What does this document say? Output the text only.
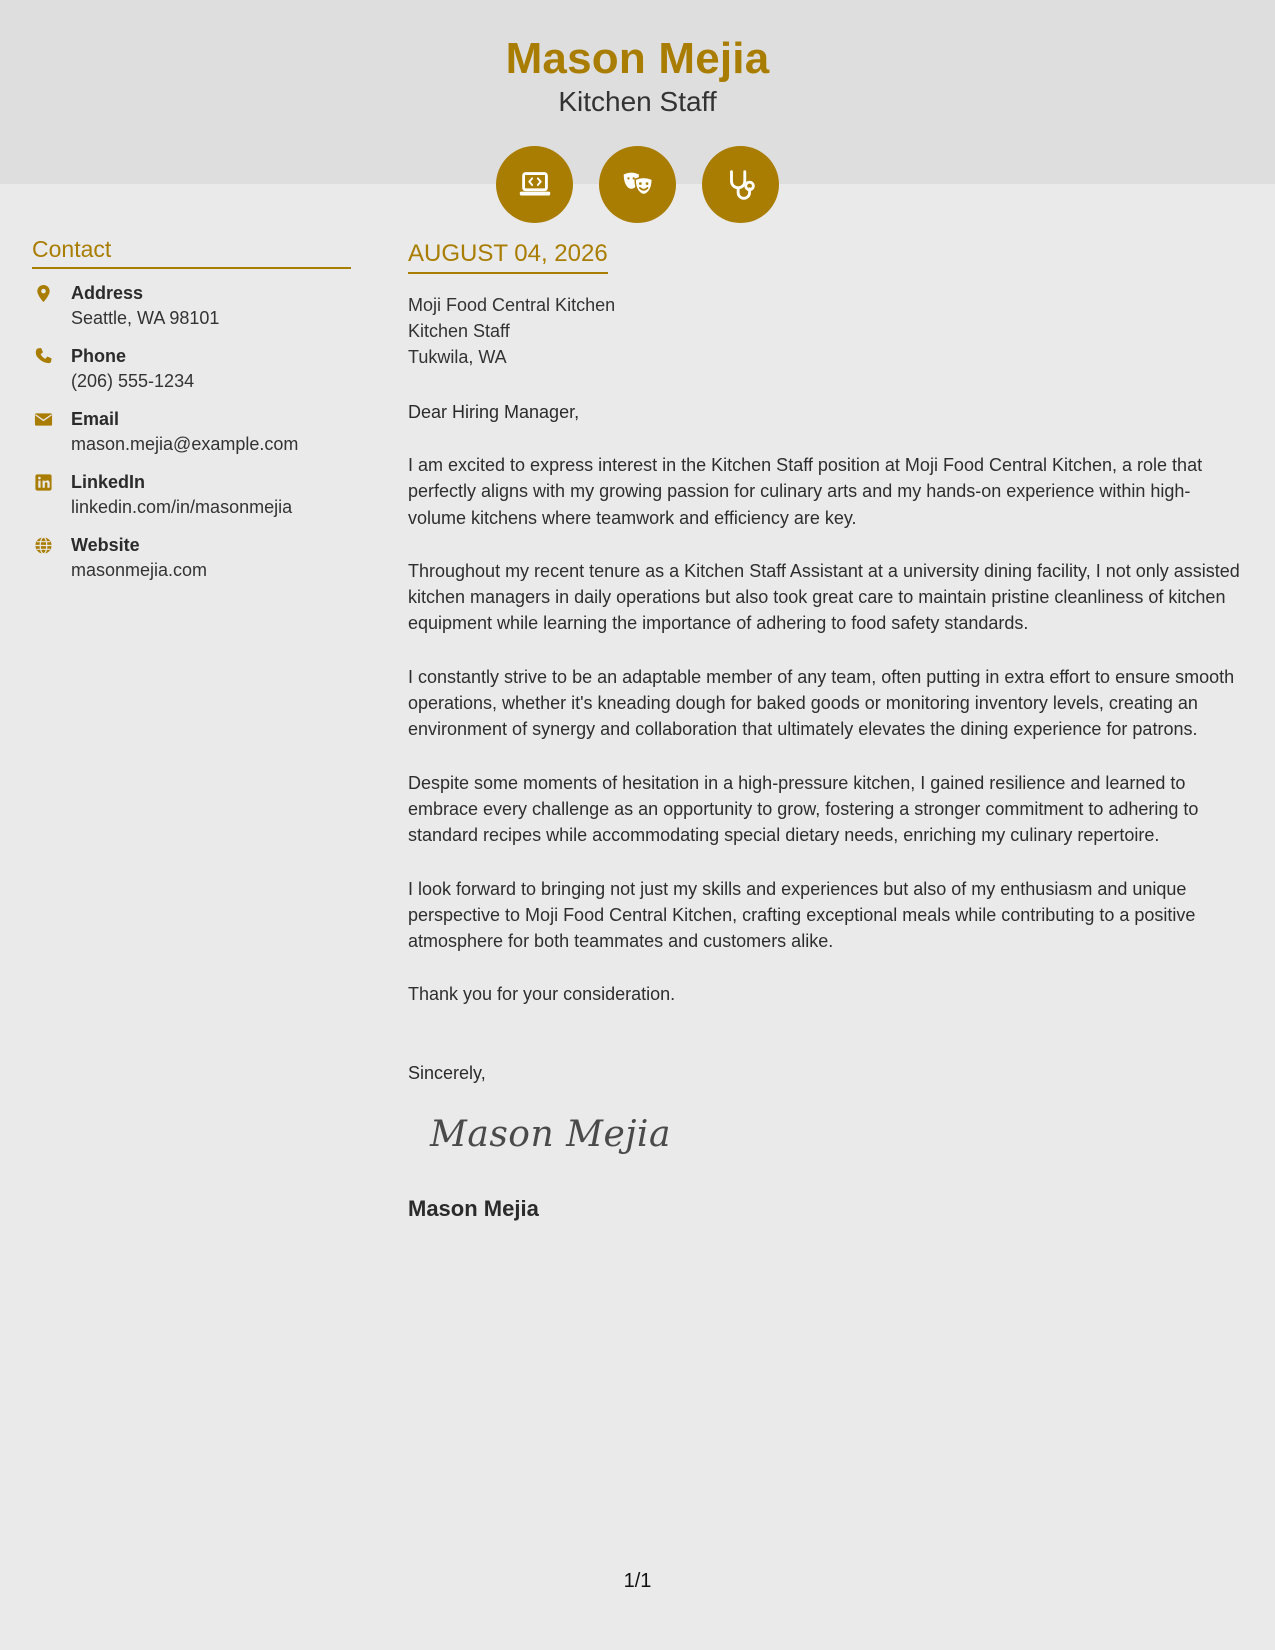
Mason Mejia
Kitchen Staff
Contact
Address
Seattle, WA 98101
Phone
(206) 555-1234
Email
mason.mejia@example.com
LinkedIn
linkedin.com/in/masonmejia
Website
masonmejia.com
AUGUST 04, 2026
Moji Food Central Kitchen
Kitchen Staff
Tukwila, WA
Dear Hiring Manager,
I am excited to express interest in the Kitchen Staff position at Moji Food Central Kitchen, a role that perfectly aligns with my growing passion for culinary arts and my hands-on experience within high-volume kitchens where teamwork and efficiency are key.
Throughout my recent tenure as a Kitchen Staff Assistant at a university dining facility, I not only assisted kitchen managers in daily operations but also took great care to maintain pristine cleanliness of kitchen equipment while learning the importance of adhering to food safety standards.
I constantly strive to be an adaptable member of any team, often putting in extra effort to ensure smooth operations, whether it's kneading dough for baked goods or monitoring inventory levels, creating an environment of synergy and collaboration that ultimately elevates the dining experience for patrons.
Despite some moments of hesitation in a high-pressure kitchen, I gained resilience and learned to embrace every challenge as an opportunity to grow, fostering a stronger commitment to adhering to standard recipes while accommodating special dietary needs, enriching my culinary repertoire.
I look forward to bringing not just my skills and experiences but also of my enthusiasm and unique perspective to Moji Food Central Kitchen, crafting exceptional meals while contributing to a positive atmosphere for both teammates and customers alike.
Thank you for your consideration.
Sincerely,
Mason Mejia
Mason Mejia
1/1
